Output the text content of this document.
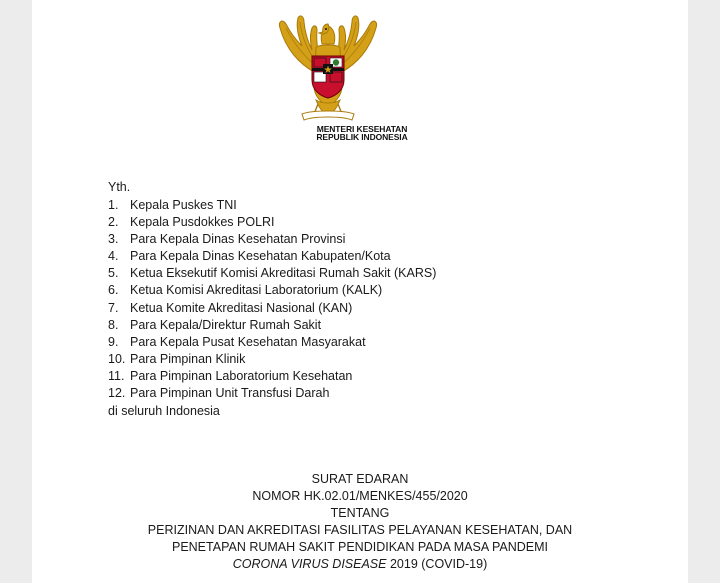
MENTERI KESEHATAN
REPUBLIK INDONESIA
Yth.
1. Kepala Puskes TNI
2. Kepala Pusdokkes POLRI
3. Para Kepala Dinas Kesehatan Provinsi
4. Para Kepala Dinas Kesehatan Kabupaten/Kota
5. Ketua Eksekutif Komisi Akreditasi Rumah Sakit (KARS)
6. Ketua Komisi Akreditasi Laboratorium (KALK)
7. Ketua Komite Akreditasi Nasional (KAN)
8. Para Kepala/Direktur Rumah Sakit
9. Para Kepala Pusat Kesehatan Masyarakat
10. Para Pimpinan Klinik
11. Para Pimpinan Laboratorium Kesehatan
12. Para Pimpinan Unit Transfusi Darah
di seluruh Indonesia
SURAT EDARAN
NOMOR HK.02.01/MENKES/455/2020
TENTANG
PERIZINAN DAN AKREDITASI FASILITAS PELAYANAN KESEHATAN, DAN
PENETAPAN RUMAH SAKIT PENDIDIKAN PADA MASA PANDEMI
CORONA VIRUS DISEASE 2019 (COVID-19)
